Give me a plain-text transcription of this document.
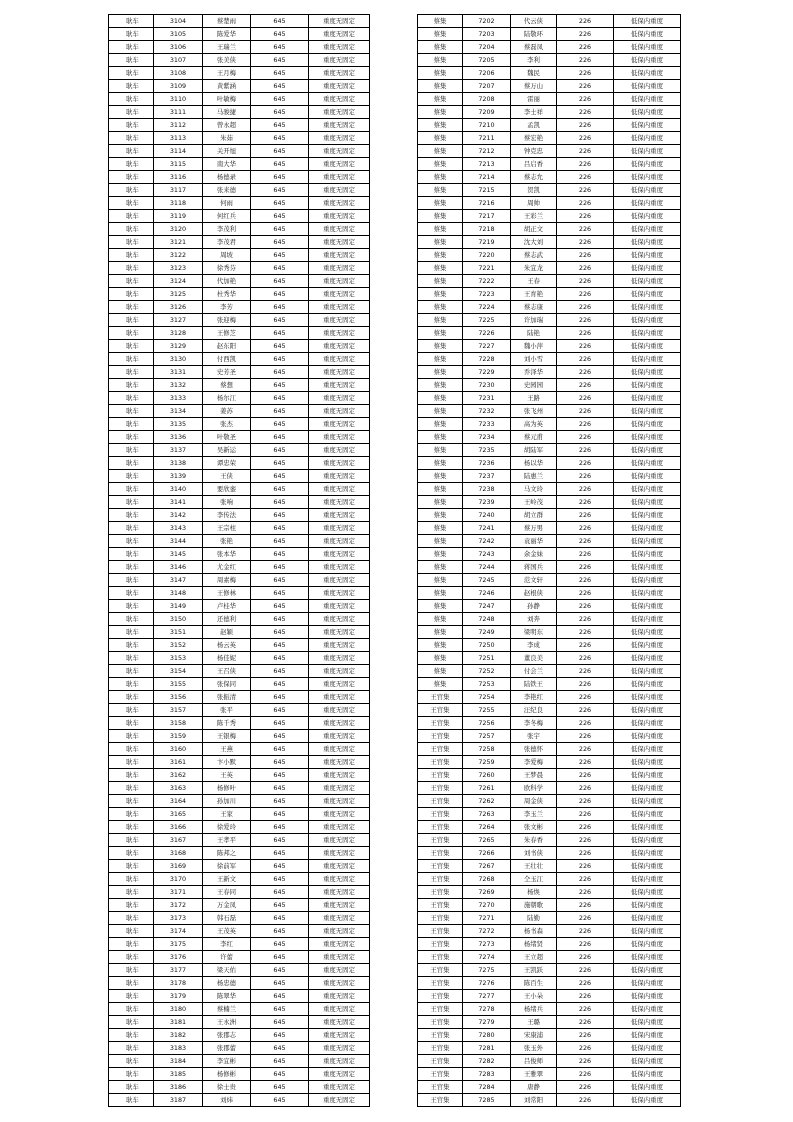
耿车	3104	蔡楚雨	645	重度无固定
耿车	3105	陈爱华	645	重度无固定
耿车	3106	王瑞兰	645	重度无固定
耿车	3107	张美侠	645	重度无固定
耿车	3108	王月梅	645	重度无固定
耿车	3109	黄紫涵	645	重度无固定
耿车	3110	叶敏梅	645	重度无固定
耿车	3111	马骏捷	645	重度无固定
耿车	3112	曾永超	645	重度无固定
耿车	3113	朱茹	645	重度无固定
耿车	3114	关开旭	645	重度无固定
耿车	3115	南大华	645	重度无固定
耿车	3116	杨德录	645	重度无固定
耿车	3117	张来德	645	重度无固定
耿车	3118	何雨	645	重度无固定
耿车	3119	何红兵	645	重度无固定
耿车	3120	李茂利	645	重度无固定
耿车	3121	李茂君	645	重度无固定
耿车	3122	周坡	645	重度无固定
耿车	3123	徐秀芬	645	重度无固定
耿车	3124	代加艳	645	重度无固定
耿车	3125	杜秀华	645	重度无固定
耿车	3126	李芳	645	重度无固定
耿车	3127	张迎梅	645	重度无固定
耿车	3128	王修芝	645	重度无固定
耿车	3129	赵东阳	645	重度无固定
耿车	3130	付西凯	645	重度无固定
耿车	3131	史芳圣	645	重度无固定
耿车	3132	蔡想	645	重度无固定
耿车	3133	杨尔江	645	重度无固定
耿车	3134	姜苏	645	重度无固定
耿车	3135	张杰	645	重度无固定
耿车	3136	叶敬圣	645	重度无固定
耿车	3137	吴新运	645	重度无固定
耿车	3138	谭忠荣	645	重度无固定
耿车	3139	王侠	645	重度无固定
耿车	3140	要欣銮	645	重度无固定
耿车	3141	张响	645	重度无固定
耿车	3142	李传法	645	重度无固定
耿车	3143	王宗柱	645	重度无固定
耿车	3144	张艳	645	重度无固定
耿车	3145	张本华	645	重度无固定
耿车	3146	尤金红	645	重度无固定
耿车	3147	周素梅	645	重度无固定
耿车	3148	王修林	645	重度无固定
耿车	3149	卢桂华	645	重度无固定
耿车	3150	还德利	645	重度无固定
耿车	3151	赵颖	645	重度无固定
耿车	3152	杨云英	645	重度无固定
耿车	3153	杨佳妮	645	重度无固定
耿车	3154	王召侠	645	重度无固定
耿车	3155	张保同	645	重度无固定
耿车	3156	张振清	645	重度无固定
耿车	3157	张平	645	重度无固定
耿车	3158	陈千秀	645	重度无固定
耿车	3159	王银梅	645	重度无固定
耿车	3160	王燕	645	重度无固定
耿车	3161	卞小默	645	重度无固定
耿车	3162	王英	645	重度无固定
耿车	3163	杨修叶	645	重度无固定
耿车	3164	孙加川	645	重度无固定
耿车	3165	王家	645	重度无固定
耿车	3166	徐爱玲	645	重度无固定
耿车	3167	王孝平	645	重度无固定
耿车	3168	陈邦之	645	重度无固定
耿车	3169	徐前军	645	重度无固定
耿车	3170	王新文	645	重度无固定
耿车	3171	王春同	645	重度无固定
耿车	3172	万金凤	645	重度无固定
耿车	3173	韩石磊	645	重度无固定
耿车	3174	王茂英	645	重度无固定
耿车	3175	李红	645	重度无固定
耿车	3176	许蕾	645	重度无固定
耿车	3177	梁天佑	645	重度无固定
耿车	3178	杨忠德	645	重度无固定
耿车	3179	陈翠华	645	重度无固定
耿车	3180	蔡楠兰	645	重度无固定
耿车	3181	王永洲	645	重度无固定
耿车	3182	张郡志	645	重度无固定
耿车	3183	张郡蕾	645	重度无固定
耿车	3184	李宜彬	645	重度无固定
耿车	3185	杨修彬	645	重度无固定
耿车	3186	徐士贵	645	重度无固定
耿车	3187	刘炜	645	重度无固定
蔡集	7202	代云侠	226	低保内重度
蔡集	7203	陆敬环	226	低保内重度
蔡集	7204	蔡磊凤	226	低保内重度
蔡集	7205	李利	226	低保内重度
蔡集	7206	魏民	226	低保内重度
蔡集	7207	蔡万山	226	低保内重度
蔡集	7208	雷丽	226	低保内重度
蔡集	7209	李士祥	226	低保内重度
蔡集	7210	孟凯	226	低保内重度
蔡集	7211	蔡宏艳	226	低保内重度
蔡集	7212	钟克忠	226	低保内重度
蔡集	7213	吕启香	226	低保内重度
蔡集	7214	蔡志允	226	低保内重度
蔡集	7215	贺凯	226	低保内重度
蔡集	7216	周帅	226	低保内重度
蔡集	7217	王彩兰	226	低保内重度
蔡集	7218	胡正文	226	低保内重度
蔡集	7219	沈大刘	226	低保内重度
蔡集	7220	蔡志武	226	低保内重度
蔡集	7221	朱宜龙	226	低保内重度
蔡集	7222	王春	226	低保内重度
蔡集	7223	王育艳	226	低保内重度
蔡集	7224	蔡志康	226	低保内重度
蔡集	7225	许加瑞	226	低保内重度
蔡集	7226	陆艳	226	低保内重度
蔡集	7227	魏小萍	226	低保内重度
蔡集	7228	刘小雪	226	低保内重度
蔡集	7229	乔泽华	226	低保内重度
蔡集	7230	史园园	226	低保内重度
蔡集	7231	王路	226	低保内重度
蔡集	7232	张飞州	226	低保内重度
蔡集	7233	高为英	226	低保内重度
蔡集	7234	蔡元甫	226	低保内重度
蔡集	7235	胡陆军	226	低保内重度
蔡集	7236	杨以华	226	低保内重度
蔡集	7237	陆惠兰	226	低保内重度
蔡集	7238	马文玲	226	低保内重度
蔡集	7239	王岭茂	226	低保内重度
蔡集	7240	胡立群	226	低保内重度
蔡集	7241	蔡万男	226	低保内重度
蔡集	7242	袁丽华	226	低保内重度
蔡集	7243	余金妹	226	低保内重度
蔡集	7244	蒋国兵	226	低保内重度
蔡集	7245	范文轩	226	低保内重度
蔡集	7246	赵根侠	226	低保内重度
蔡集	7247	孙静	226	低保内重度
蔡集	7248	刘奔	226	低保内重度
蔡集	7249	梁明东	226	低保内重度
蔡集	7250	李成	226	低保内重度
蔡集	7251	董良美	226	低保内重度
蔡集	7252	付会兰	226	低保内重度
蔡集	7253	陆铁王	226	低保内重度
王官集	7254	李艳红	226	低保内重度
王官集	7255	汪纪良	226	低保内重度
王官集	7256	李冬梅	226	低保内重度
王官集	7257	张宇	226	低保内重度
王官集	7258	张德怀	226	低保内重度
王官集	7259	李爱梅	226	低保内重度
王官集	7260	王梦晨	226	低保内重度
王官集	7261	欧科学	226	低保内重度
王官集	7262	周金侠	226	低保内重度
王官集	7263	李玉兰	226	低保内重度
王官集	7264	张文彬	226	低保内重度
王官集	7265	朱春香	226	低保内重度
王官集	7266	刘书侠	226	低保内重度
王官集	7267	王壮壮	226	低保内重度
王官集	7268	仝玉江	226	低保内重度
王官集	7269	杨焕	226	低保内重度
王官集	7270	施朝歌	226	低保内重度
王官集	7271	陆勤	226	低保内重度
王官集	7272	杨书森	226	低保内重度
王官集	7273	杨绪贤	226	低保内重度
王官集	7274	王立超	226	低保内重度
王官集	7275	王凯跃	226	低保内重度
王官集	7276	陈百生	226	低保内重度
王官集	7277	王小朵	226	低保内重度
王官集	7278	杨绪兵	226	低保内重度
王官集	7279	王璐	226	低保内重度
王官集	7280	宋康浦	226	低保内重度
王官集	7281	张玉外	226	低保内重度
王官集	7282	吕俊师	226	低保内重度
王官集	7283	王雅翠	226	低保内重度
王官集	7284	唐静	226	低保内重度
王官集	7285	刘常阳	226	低保内重度
